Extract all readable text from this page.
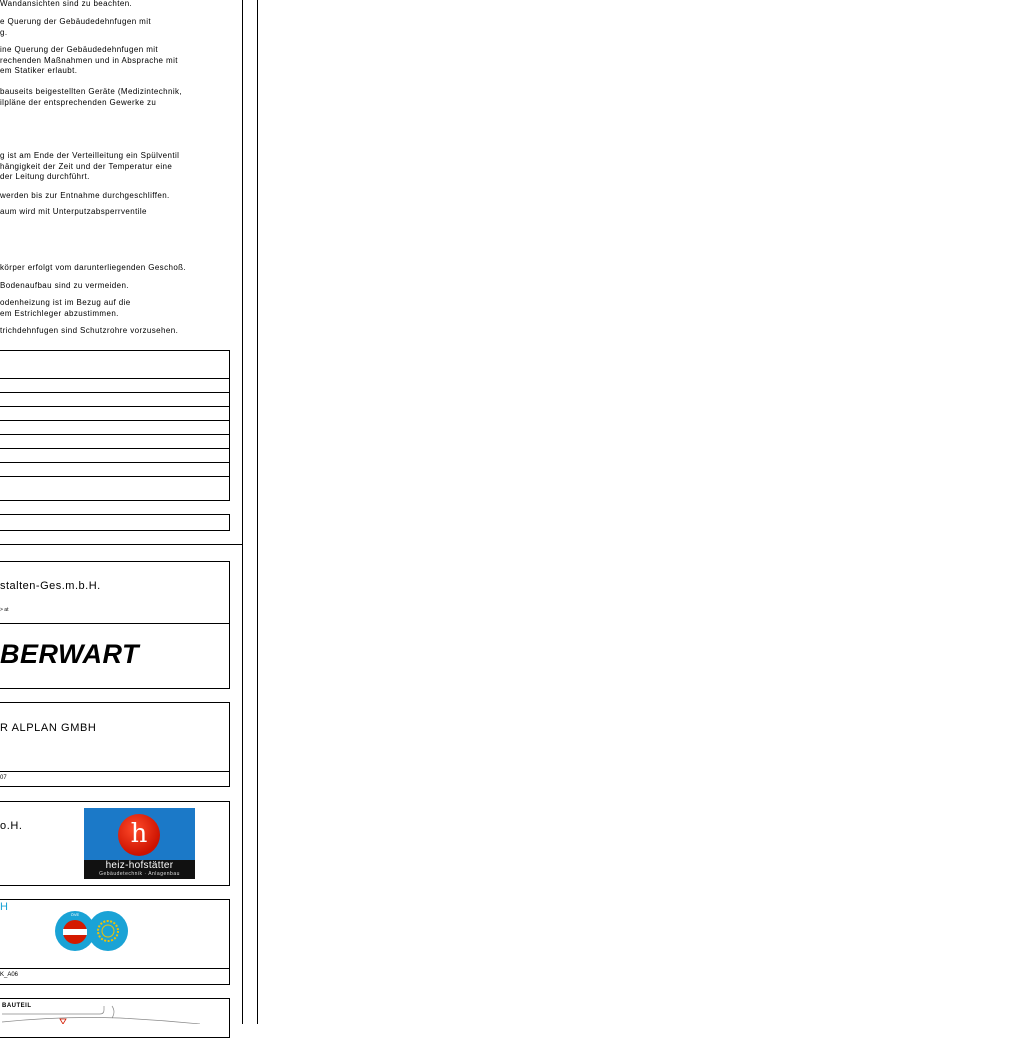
Wandansichten sind zu beachten.
e Querung der Gebäudedehnfugen mit
g.
ine Querung der Gebäudedehnfugen mit
rechenden Maßnahmen und in Absprache mit
em Statiker erlaubt.
bauseits beigestellten Geräte (Medizintechnik,
ilpläne der entsprechenden Gewerke zu
g ist am Ende der Verteilleitung ein Spülventil
hängigkeit der Zeit und der Temperatur eine
der Leitung durchführt.
werden bis zur Entnahme durchgeschliffen.
aum wird mit Unterputzabsperrventile
körper erfolgt vom darunterliegenden Geschoß.
Bodenaufbau sind zu vermeiden.
odenheizung ist im Bezug auf die
em Estrichleger abzustimmen.
trichdehnfugen sind Schutzrohre vorzusehen.
stalten-Ges.m.b.H.
> at
BERWART
R ALPLAN GMBH
07
o.H.	h
heiz-hofstätter
Gebäudetechnik · Anlagenbau
H
K_A06
ÖVE
BAUTEIL
